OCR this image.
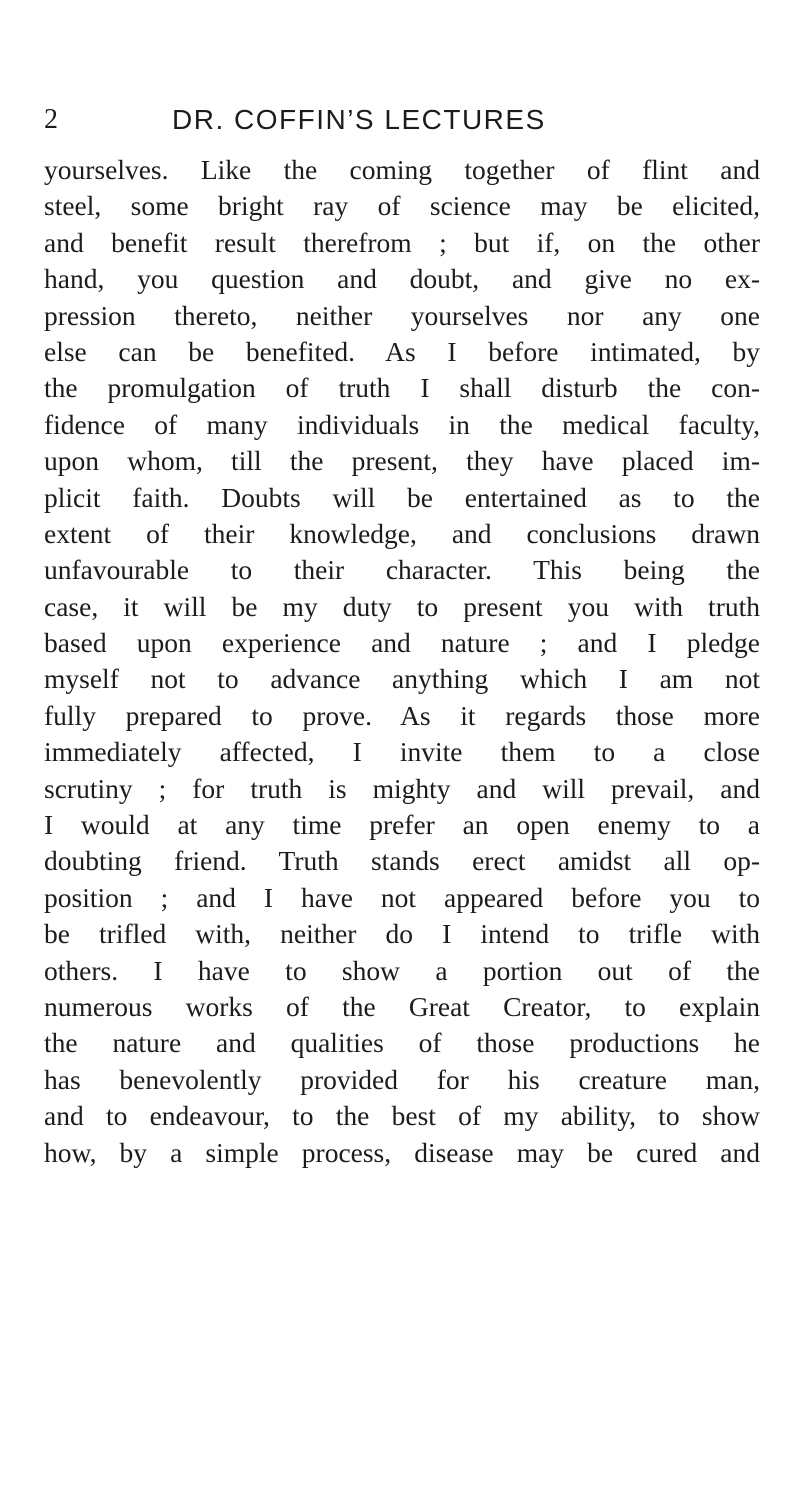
2	DR. COFFIN’S LECTURES
yourselves. Like the coming together of flint and
steel, some bright ray of science may be elicited,
and benefit result therefrom ; but if, on the other
hand, you question and doubt, and give no ex-
pression thereto, neither yourselves nor any one
else can be benefited. As I before intimated, by
the promulgation of truth I shall disturb the con-
fidence of many individuals in the medical faculty,
upon whom, till the present, they have placed im-
plicit faith. Doubts will be entertained as to the
extent of their knowledge, and conclusions drawn
unfavourable to their character. This being the
case, it will be my duty to present you with truth
based upon experience and nature ; and I pledge
myself not to advance anything which I am not
fully prepared to prove. As it regards those more
immediately affected, I invite them to a close
scrutiny ; for truth is mighty and will prevail, and
I would at any time prefer an open enemy to a
doubting friend. Truth stands erect amidst all op-
position ; and I have not appeared before you to
be trifled with, neither do I intend to trifle with
others. I have to show a portion out of the
numerous works of the Great Creator, to explain
the nature and qualities of those productions he
has benevolently provided for his creature man,
and to endeavour, to the best of my ability, to show
how, by a simple process, disease may be cured and
